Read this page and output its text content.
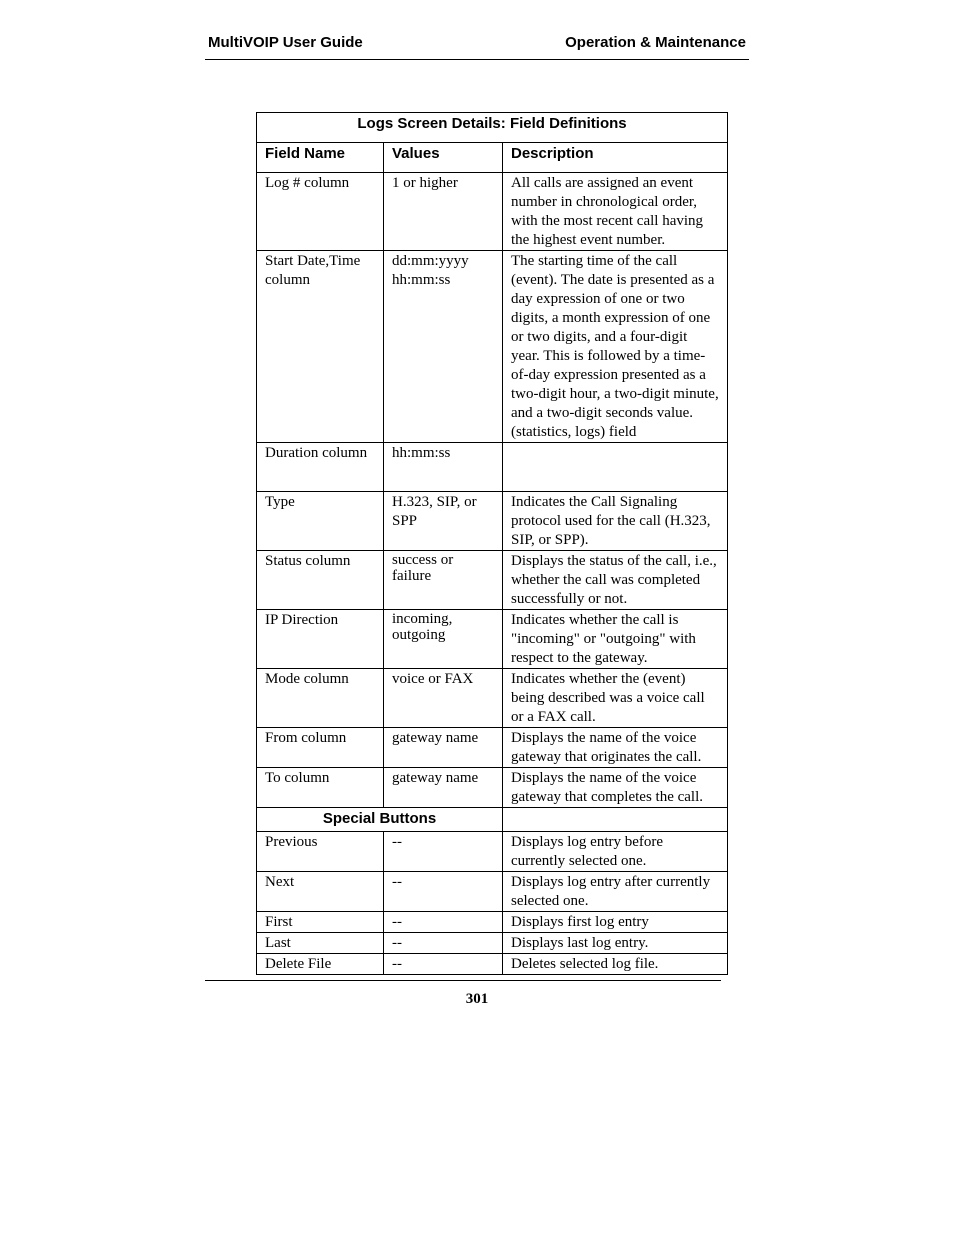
MultiVOIP User Guide	Operation & Maintenance
Logs Screen Details: Field Definitions		
Field Name	Values	Description
Log # column	1 or higher	All calls are assigned an event number in chronological order, with the most recent call having the highest event number.
Start Date,Time column	dd:mm:yyyy hh:mm:ss	The starting time of the call (event). The date is presented as a day expression of one or two digits, a month expression of one or two digits, and a four-digit year. This is followed by a time-of-day expression presented as a two-digit hour, a two-digit minute, and a two-digit seconds value. (statistics, logs) field
Duration column	hh:mm:ss	
Type	H.323, SIP, or SPP	Indicates the Call Signaling protocol used for the call (H.323, SIP, or SPP).
Status column	success or failure	Displays the status of the call, i.e., whether the call was completed successfully or not.
IP Direction	incoming, outgoing	Indicates whether the call is "incoming" or "outgoing" with respect to the gateway.
Mode column	voice or FAX	Indicates whether the (event) being described was a voice call or a FAX call.
From column	gateway name	Displays the name of the voice gateway that originates the call.
To column	gateway name	Displays the name of the voice gateway that completes the call.
Special Buttons		
Previous	--	Displays log entry before currently selected one.
Next	--	Displays log entry after currently selected one.
First	--	Displays first log entry
Last	--	Displays last log entry.
Delete File	--	Deletes selected log file.
301
